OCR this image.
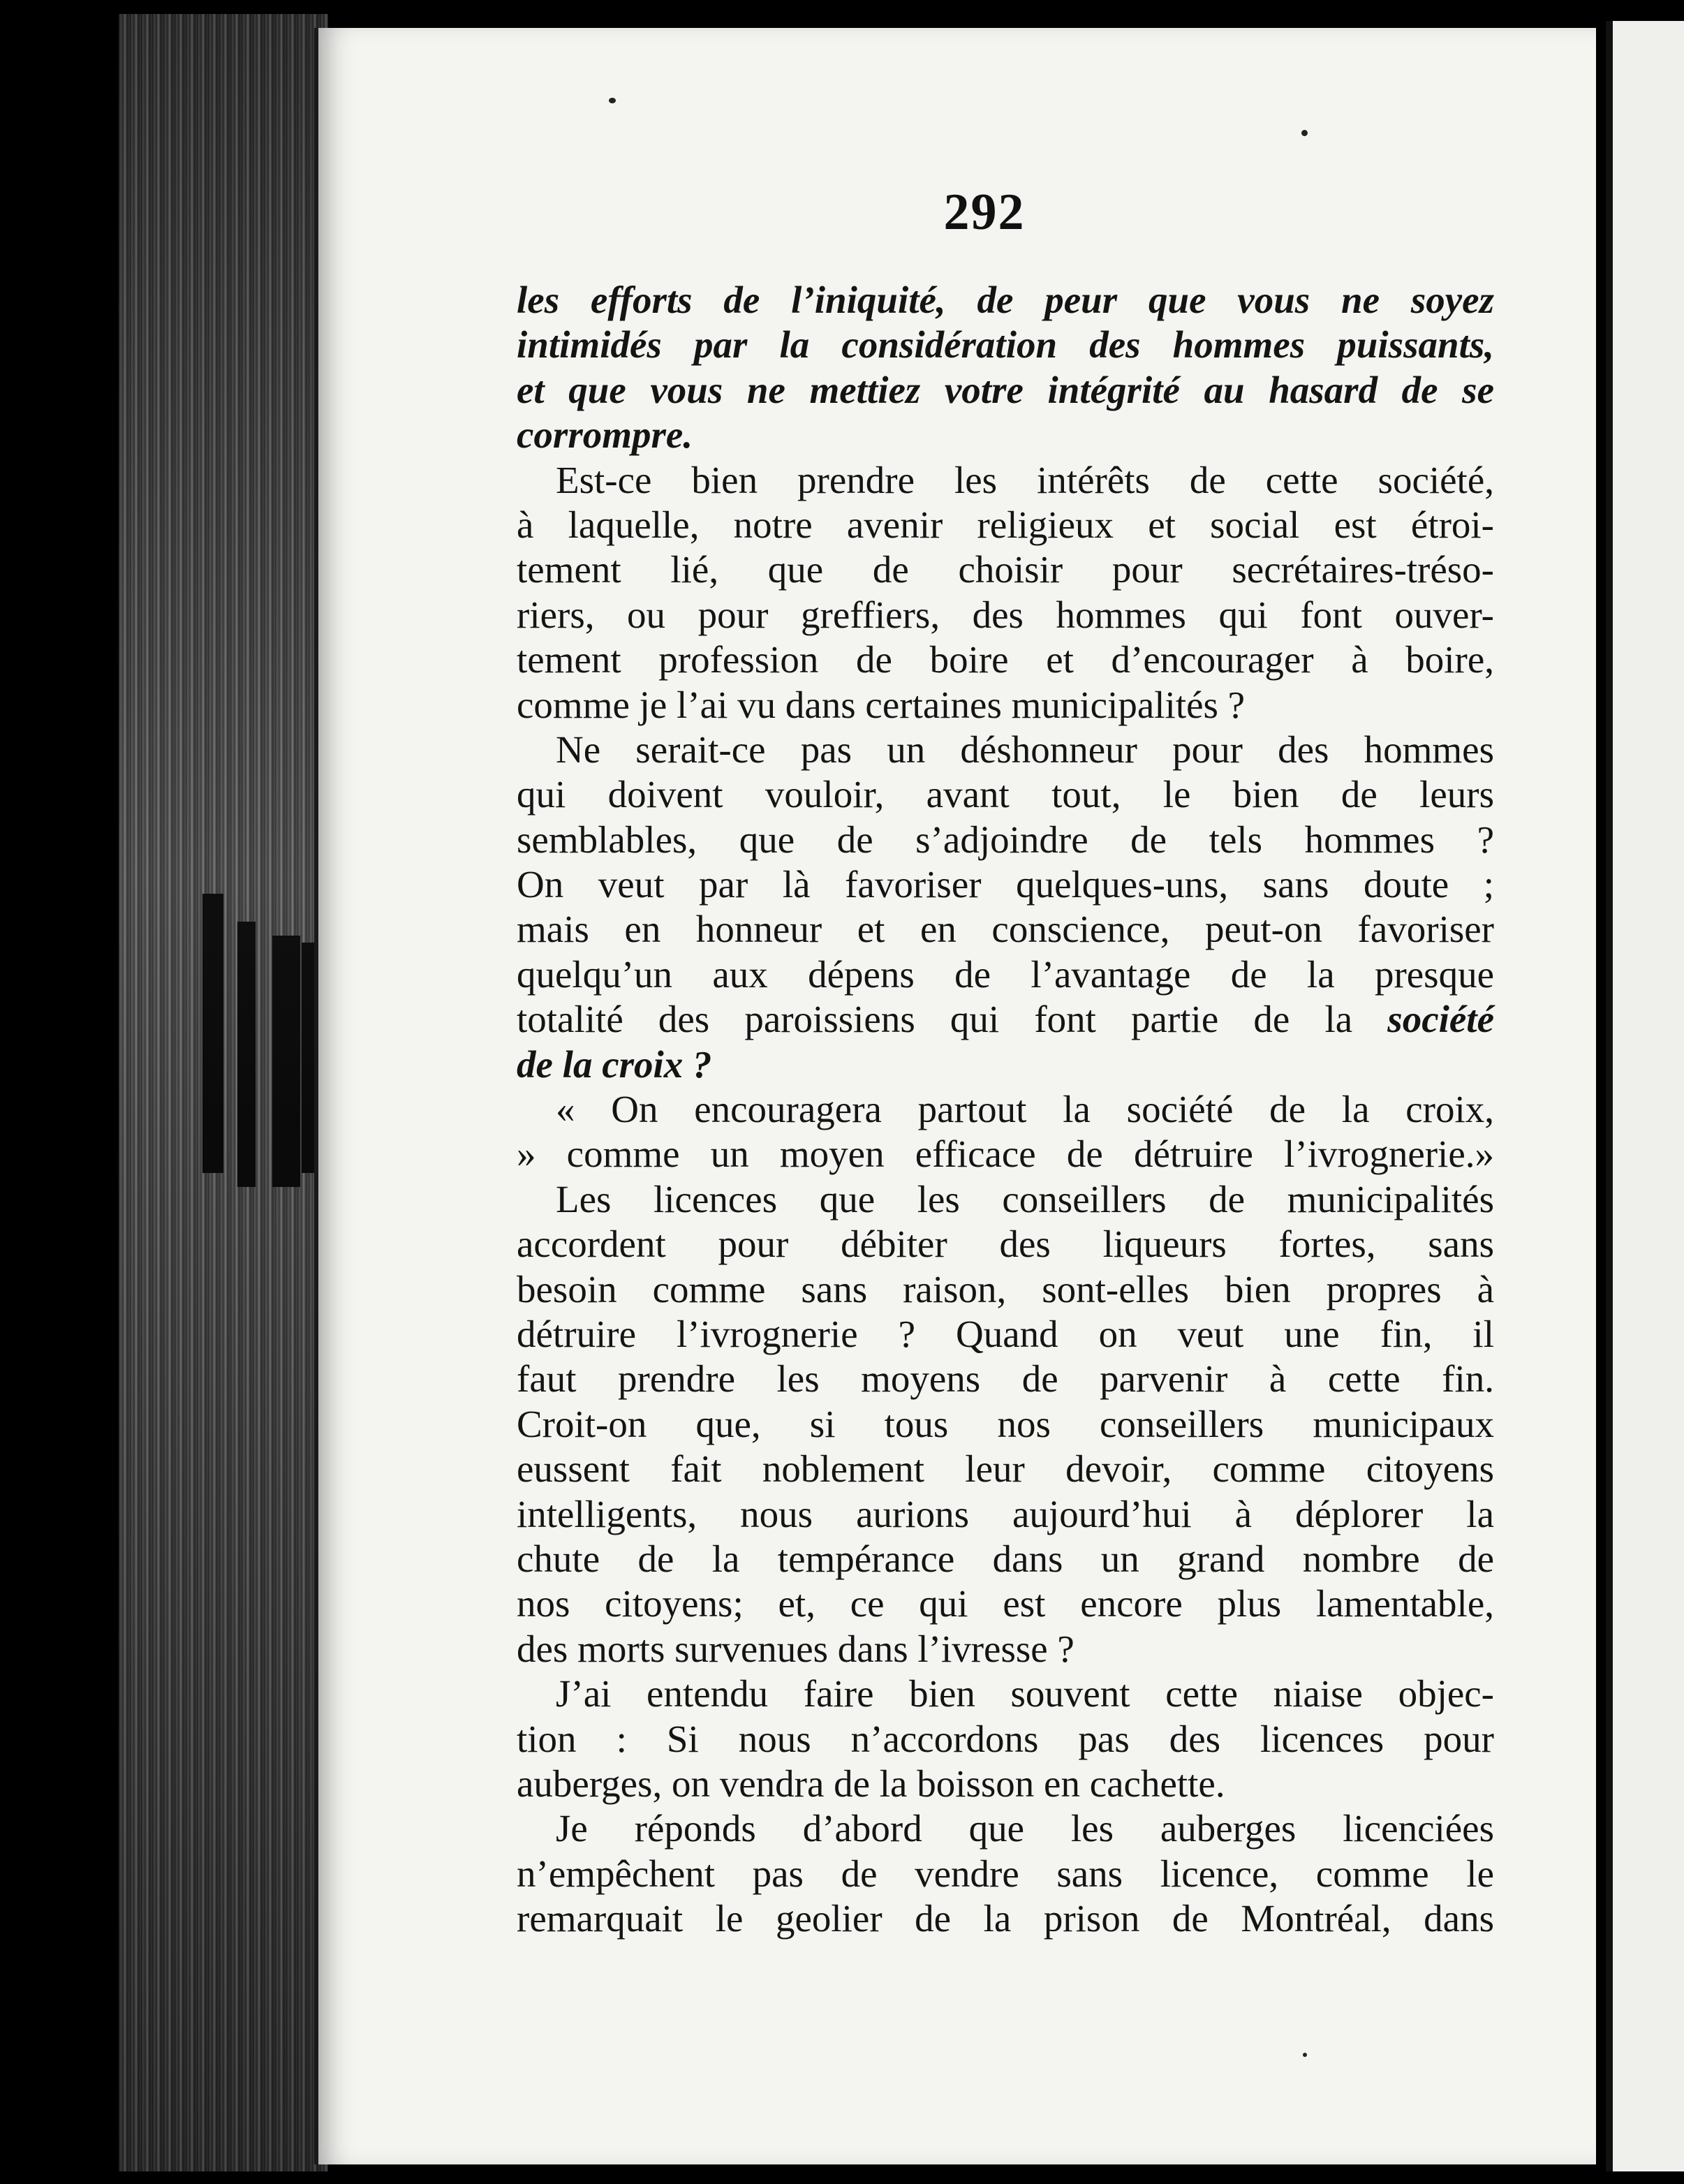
292
les efforts de l’iniquité, de peur que vous ne soyez
intimidés par la considération des hommes puissants,
et que vous ne mettiez votre intégrité au hasard de se
corrompre.
Est-ce bien prendre les intérêts de cette société,
à laquelle, notre avenir religieux et social est étroi-
tement lié, que de choisir pour secrétaires-tréso-
riers, ou pour greffiers, des hommes qui font ouver-
tement profession de boire et d’encourager à boire,
comme je l’ai vu dans certaines municipalités ?
Ne serait-ce pas un déshonneur pour des hommes
qui doivent vouloir, avant tout, le bien de leurs
semblables, que de s’adjoindre de tels hommes ?
On veut par là favoriser quelques-uns, sans doute ;
mais en honneur et en conscience, peut-on favoriser
quelqu’un aux dépens de l’avantage de la presque
totalité des paroissiens qui font partie de la société
de la croix ?
« On encouragera partout la société de la croix,
» comme un moyen efficace de détruire l’ivrognerie.»
Les licences que les conseillers de municipalités
accordent pour débiter des liqueurs fortes, sans
besoin comme sans raison, sont-elles bien propres à
détruire l’ivrognerie ? Quand on veut une fin, il
faut prendre les moyens de parvenir à cette fin.
Croit-on que, si tous nos conseillers municipaux
eussent fait noblement leur devoir, comme citoyens
intelligents, nous aurions aujourd’hui à déplorer la
chute de la tempérance dans un grand nombre de
nos citoyens; et, ce qui est encore plus lamentable,
des morts survenues dans l’ivresse ?
J’ai entendu faire bien souvent cette niaise objec-
tion : Si nous n’accordons pas des licences pour
auberges, on vendra de la boisson en cachette.
Je réponds d’abord que les auberges licenciées
n’empêchent pas de vendre sans licence, comme le
remarquait le geolier de la prison de Montréal, dans
